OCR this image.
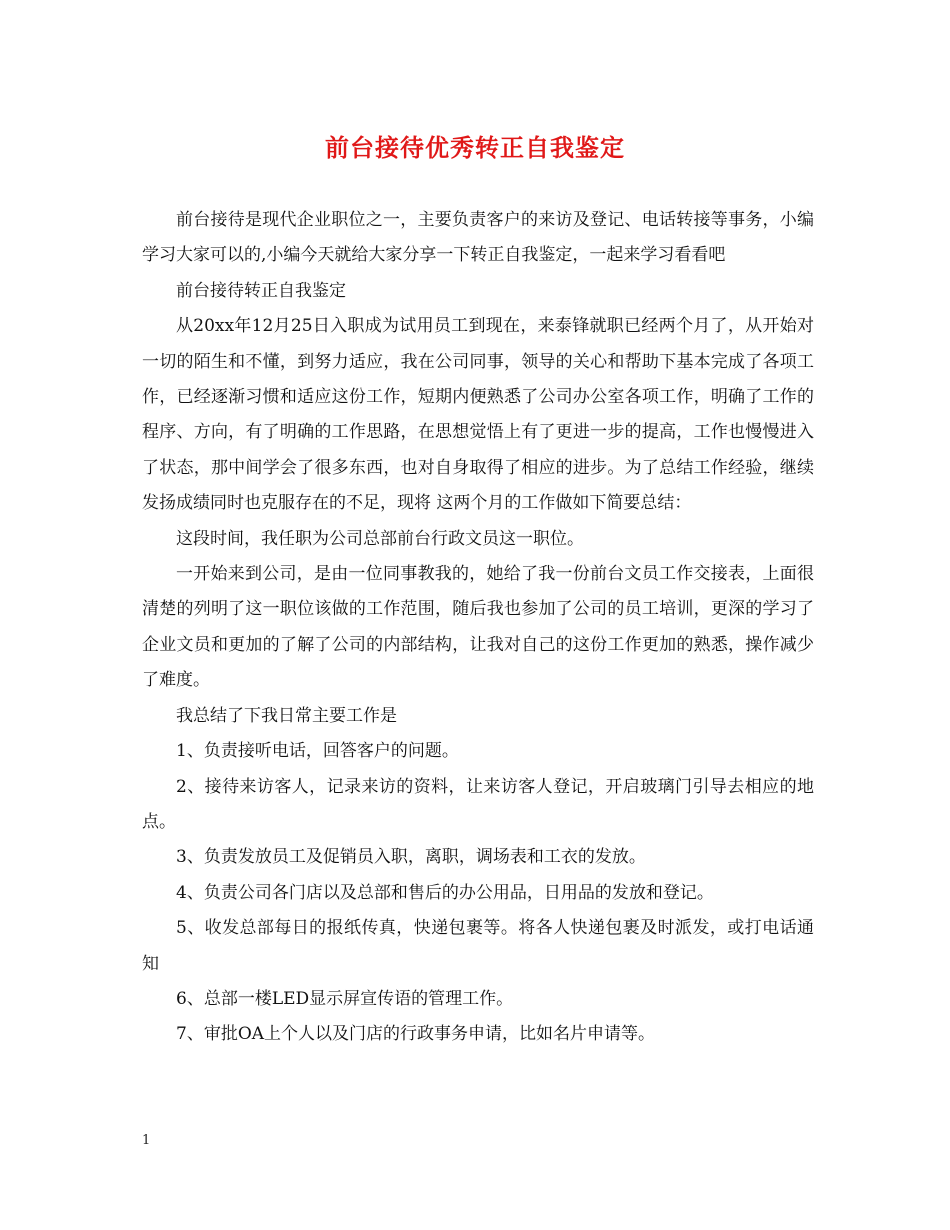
前台接待优秀转正自我鉴定

前台接待是现代企业职位之一，主要负责客户的来访及登记、电话转接等事务，小编学习大家可以的,小编今天就给大家分享一下转正自我鉴定，一起来学习看看吧

前台接待转正自我鉴定

从20xx年12月25日入职成为试用员工到现在，来泰锋就职已经两个月了，从开始对一切的陌生和不懂，到努力适应，我在公司同事，领导的关心和帮助下基本完成了各项工作，已经逐渐习惯和适应这份工作，短期内便熟悉了公司办公室各项工作，明确了工作的程序、方向，有了明确的工作思路，在思想觉悟上有了更进一步的提高，工作也慢慢进入了状态，那中间学会了很多东西，也对自身取得了相应的进步。为了总结工作经验，继续发扬成绩同时也克服存在的不足，现将 这两个月的工作做如下简要总结：

这段时间，我任职为公司总部前台行政文员这一职位。

一开始来到公司，是由一位同事教我的，她给了我一份前台文员工作交接表，上面很清楚的列明了这一职位该做的工作范围，随后我也参加了公司的员工培训，更深的学习了企业文员和更加的了解了公司的内部结构，让我对自己的这份工作更加的熟悉，操作减少了难度。

我总结了下我日常主要工作是

1、负责接听电话，回答客户的问题。

2、接待来访客人，记录来访的资料，让来访客人登记，开启玻璃门引导去相应的地点。

3、负责发放员工及促销员入职，离职，调场表和工衣的发放。

4、负责公司各门店以及总部和售后的办公用品，日用品的发放和登记。

5、收发总部每日的报纸传真，快递包裹等。将各人快递包裹及时派发，或打电话通知

6、总部一楼LED显示屏宣传语的管理工作。

7、审批OA上个人以及门店的行政事务申请，比如名片申请等。

1
